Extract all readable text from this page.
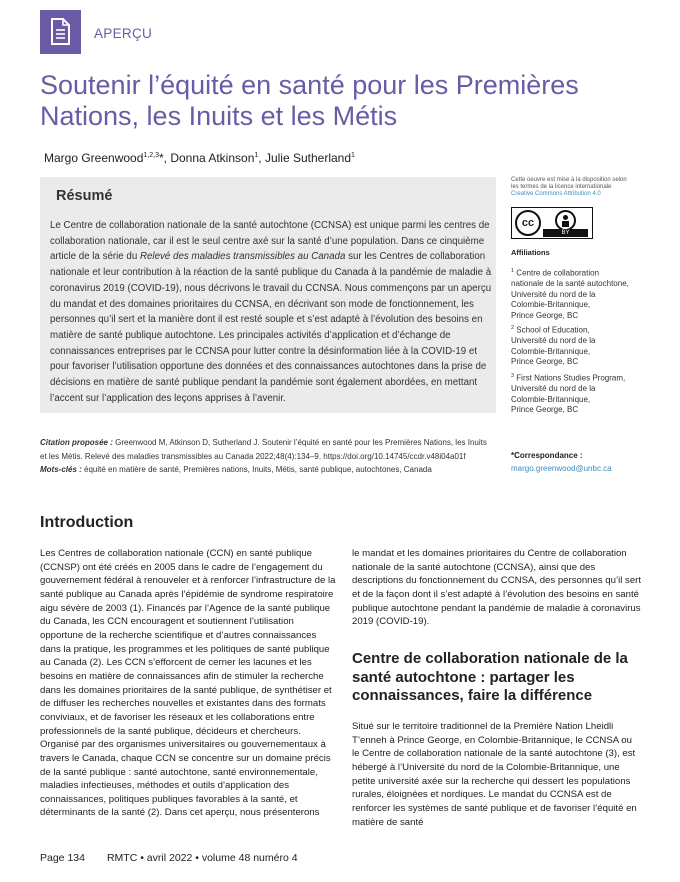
APERÇU
Soutenir l’équité en santé pour les Premières
Nations, les Inuits et les Métis
Margo Greenwood$^{1,2,3}$*, Donna Atkinson$^1$, Julie Sutherland$^1$
Résumé
Le Centre de collaboration nationale de la santé autochtone (CCNSA) est unique parmi les centres de collaboration nationale, car il est le seul centre axé sur la santé d’une population. Dans ce cinquième article de la série du Relevé des maladies transmissibles au Canada sur les Centres de collaboration nationale et leur contribution à la réaction de la santé publique du Canada à la pandémie de maladie à coronavirus 2019 (COVID-19), nous décrivons le travail du CCNSA. Nous commençons par un aperçu du mandat et des domaines prioritaires du CCNSA, en décrivant son mode de fonctionnement, les personnes qu’il sert et la manière dont il est resté souple et s’est adapté à l’évolution des besoins en matière de santé publique autochtone. Les principales activités d’application et d’échange de connaissances entreprises par le CCNSA pour lutter contre la désinformation liée à la COVID-19 et pour favoriser l’utilisation opportune des données et des connaissances autochtones dans la prise de décisions en matière de santé publique pendant la pandémie sont également abordées, en mettant l’accent sur l’application des leçons apprises à l’avenir.
Cette oeuvre est mise à la disposition selon
les termes de la licence internationale
Creative Commons Attribution 4.0
cc
BY
Affiliations
$^1$ Centre de collaboration
nationale de la santé autochtone,
Université du nord de la
Colombie-Britannique,
Prince George, BC
$^2$ School of Education,
Université du nord de la
Colombie-Britannique,
Prince George, BC
$^3$ First Nations Studies Program,
Université du nord de la
Colombie-Britannique,
Prince George, BC
Citation proposée : Greenwood M, Atkinson D, Sutherland J. Soutenir l’équité en santé pour les Premières Nations, les Inuits et les Métis. Relevé des maladies transmissibles au Canada 2022;48(4):134–9. https://doi.org/10.14745/ccdr.v48i04a01f
Mots-clés : équité en matière de santé, Premières nations, Inuits, Métis, santé publique, autochtones, Canada
*Correspondance :
margo.greenwood@unbc.ca
Introduction
Les Centres de collaboration nationale (CCN) en santé publique (CCNSP) ont été créés en 2005 dans le cadre de l’engagement du gouvernement fédéral à renouveler et à renforcer l’infrastructure de la santé publique au Canada après l’épidémie de syndrome respiratoire aigu sévère de 2003 (1). Financés par l’Agence de la santé publique du Canada, les CCN encouragent et soutiennent l’utilisation opportune de la recherche scientifique et d’autres connaissances dans la pratique, les programmes et les politiques de santé publique au Canada (2). Les CCN s’efforcent de cerner les lacunes et les besoins en matière de connaissances afin de stimuler la recherche dans les domaines prioritaires de la santé publique, de synthétiser et de diffuser les recherches nouvelles et existantes dans des formats conviviaux, et de favoriser les réseaux et les collaborations entre professionnels de la santé publique, décideurs et chercheurs. Organisé par des organismes universitaires ou gouvernementaux à travers le Canada, chaque CCN se concentre sur un domaine précis de la santé publique : santé autochtone, santé environnementale, maladies infectieuses, méthodes et outils d’application des connaissances, politiques publiques favorables à la santé, et déterminants de la santé (2). Dans cet aperçu, nous présenterons
le mandat et les domaines prioritaires du Centre de collaboration nationale de la santé autochtone (CCNSA), ainsi que des descriptions du fonctionnement du CCNSA, des personnes qu’il sert et de la façon dont il s’est adapté à l’évolution des besoins en santé publique autochtone pendant la pandémie de maladie à coronavirus 2019 (COVID-19).
Centre de collaboration nationale de la santé autochtone : partager les connaissances, faire la différence
Situé sur le territoire traditionnel de la Première Nation Lheidli T’enneh à Prince George, en Colombie-Britannique, le CCNSA ou le Centre de collaboration nationale de la santé autochtone (3), est hébergé à l’Université du nord de la Colombie-Britannique, une petite université axée sur la recherche qui dessert les populations rurales, éloignées et nordiques. Le mandat du CCNSA est de renforcer les systèmes de santé publique et de favoriser l’équité en matière de santé
Page 134 RMTC • avril 2022 • volume 48 numéro 4
